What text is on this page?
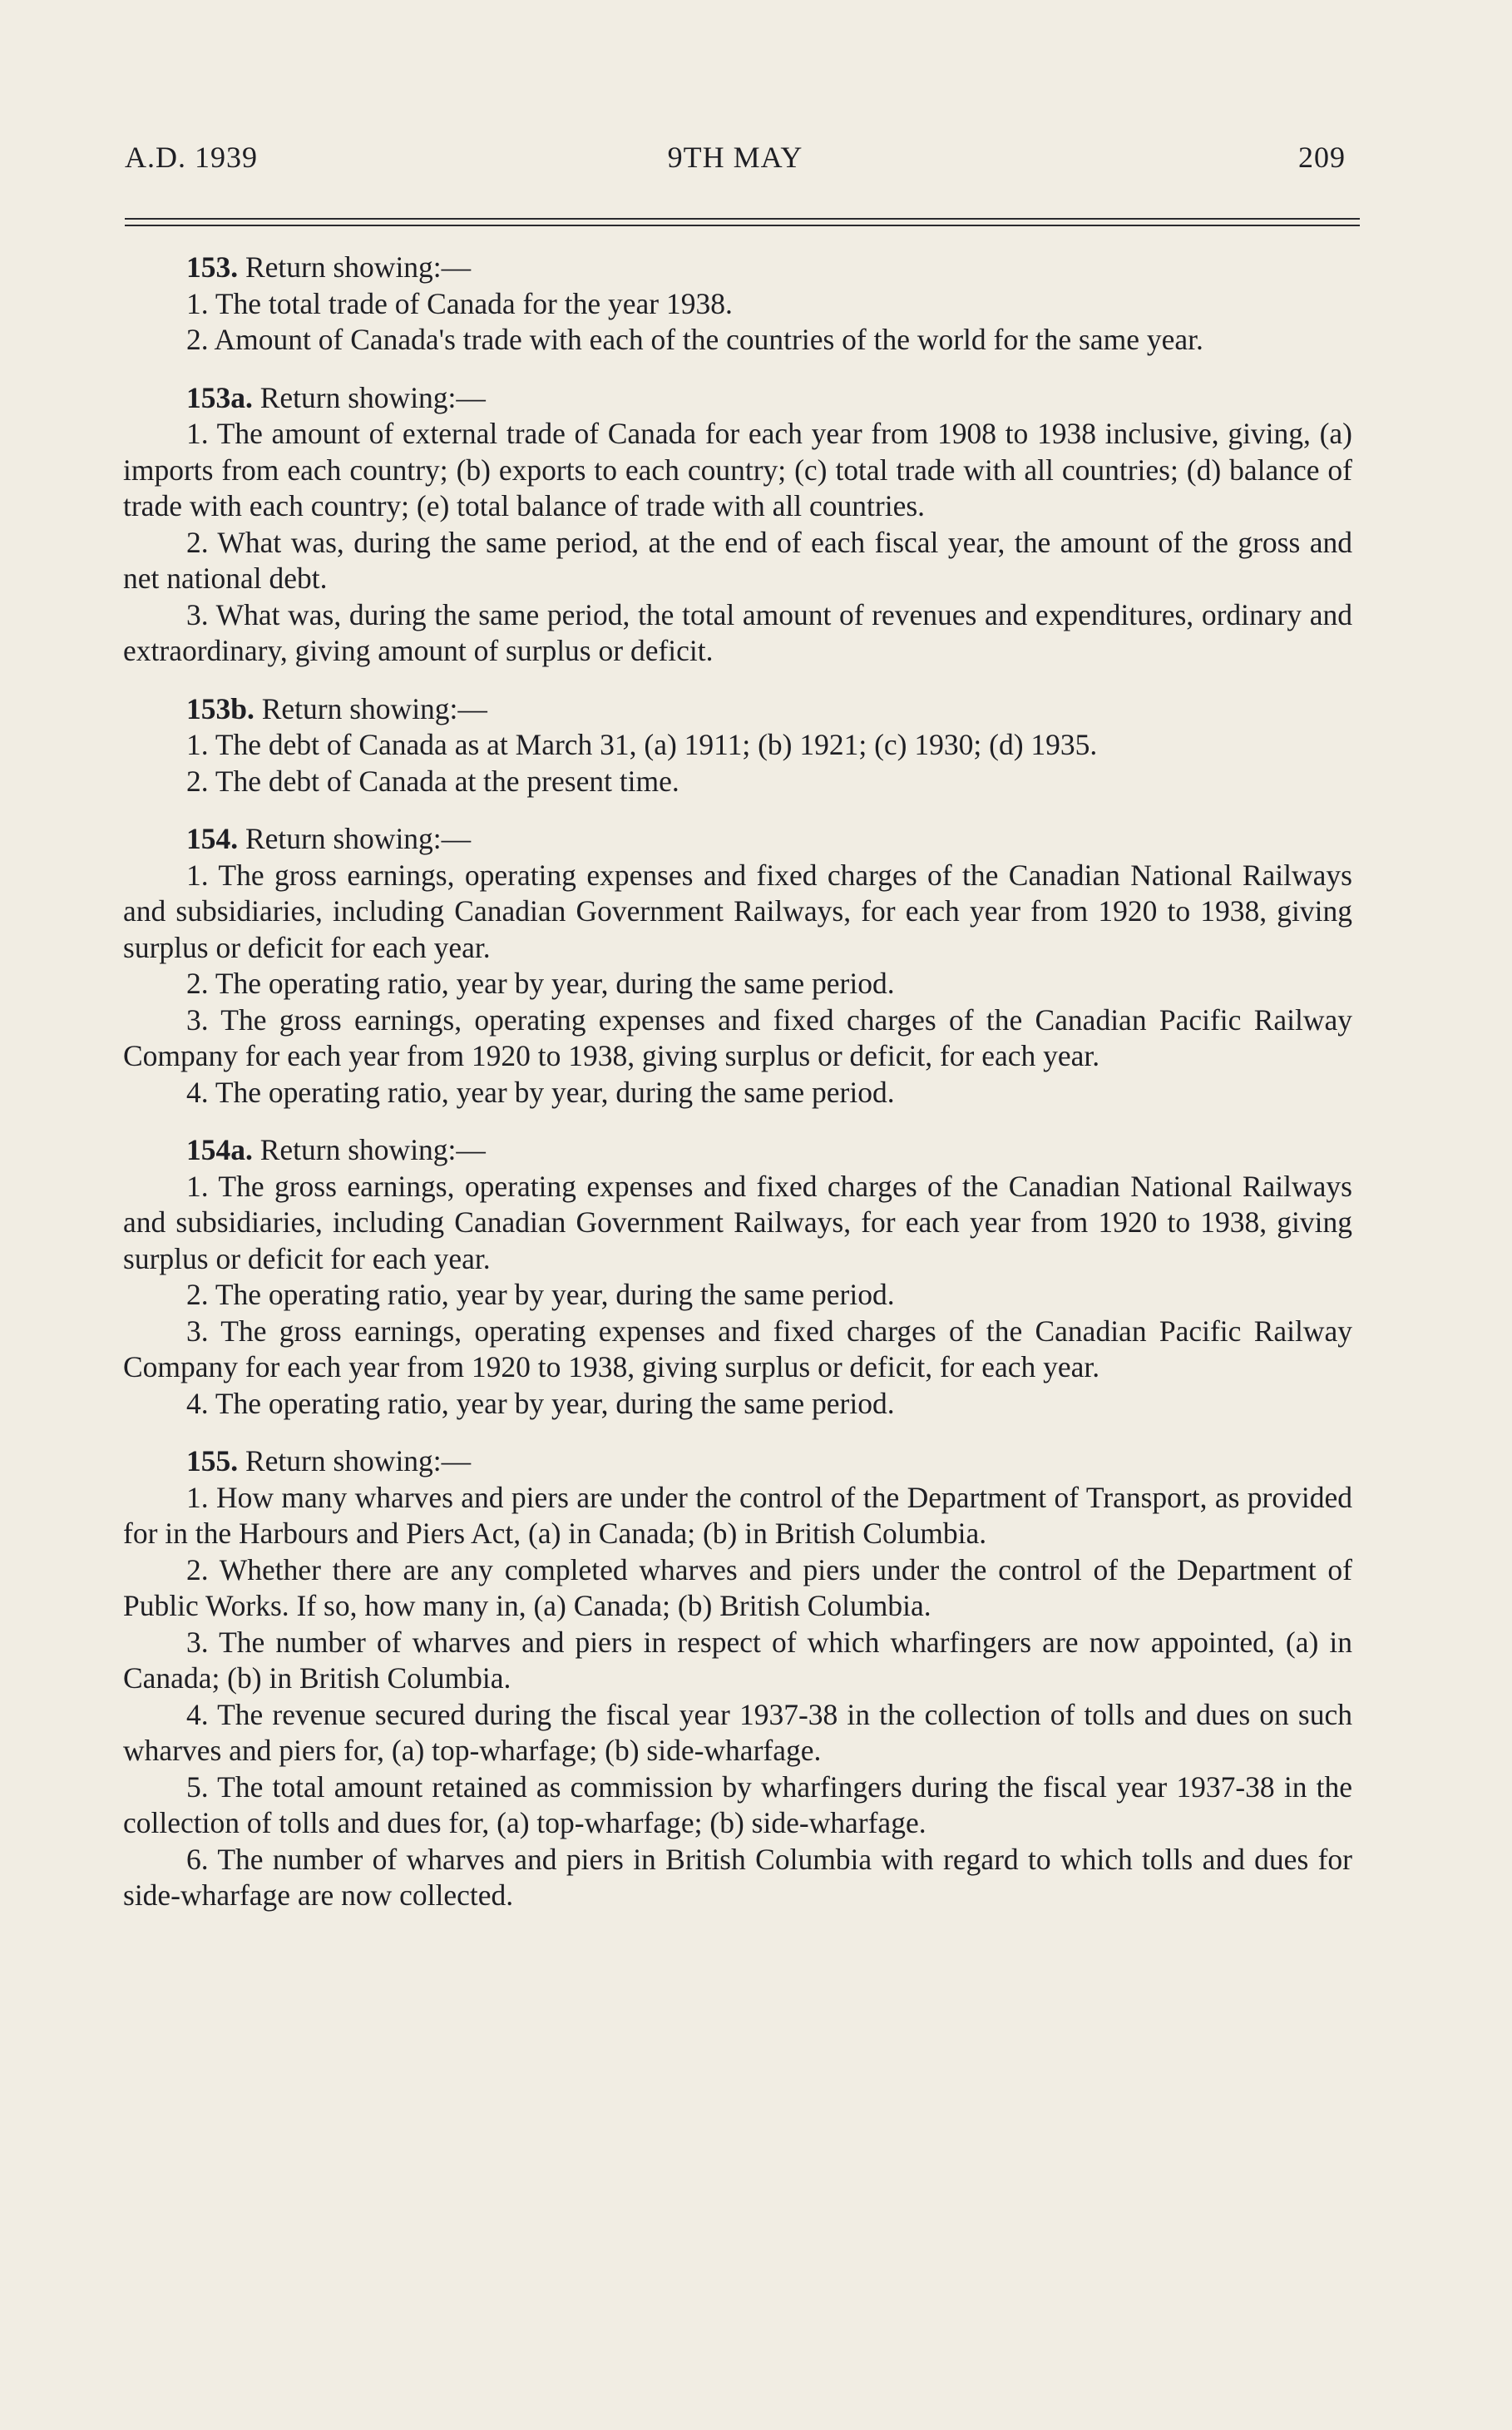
A.D. 1939	9TH MAY	209

153. Return showing:—

1. The total trade of Canada for the year 1938.

2. Amount of Canada's trade with each of the countries of the world for the same year.

153a. Return showing:—

1. The amount of external trade of Canada for each year from 1908 to 1938 inclusive, giving, (a) imports from each country; (b) exports to each country; (c) total trade with all countries; (d) balance of trade with each country; (e) total balance of trade with all countries.

2. What was, during the same period, at the end of each fiscal year, the amount of the gross and net national debt.

3. What was, during the same period, the total amount of revenues and expenditures, ordinary and extraordinary, giving amount of surplus or deficit.

153b. Return showing:—

1. The debt of Canada as at March 31, (a) 1911; (b) 1921; (c) 1930; (d) 1935.

2. The debt of Canada at the present time.

154. Return showing:—

1. The gross earnings, operating expenses and fixed charges of the Canadian National Railways and subsidiaries, including Canadian Government Railways, for each year from 1920 to 1938, giving surplus or deficit for each year.

2. The operating ratio, year by year, during the same period.

3. The gross earnings, operating expenses and fixed charges of the Canadian Pacific Railway Company for each year from 1920 to 1938, giving surplus or deficit, for each year.

4. The operating ratio, year by year, during the same period.

154a. Return showing:—

1. The gross earnings, operating expenses and fixed charges of the Canadian National Railways and subsidiaries, including Canadian Government Railways, for each year from 1920 to 1938, giving surplus or deficit for each year.

2. The operating ratio, year by year, during the same period.

3. The gross earnings, operating expenses and fixed charges of the Canadian Pacific Railway Company for each year from 1920 to 1938, giving surplus or deficit, for each year.

4. The operating ratio, year by year, during the same period.

155. Return showing:—

1. How many wharves and piers are under the control of the Department of Transport, as provided for in the Harbours and Piers Act, (a) in Canada; (b) in British Columbia.

2. Whether there are any completed wharves and piers under the control of the Department of Public Works. If so, how many in, (a) Canada; (b) British Columbia.

3. The number of wharves and piers in respect of which wharfingers are now appointed, (a) in Canada; (b) in British Columbia.

4. The revenue secured during the fiscal year 1937-38 in the collection of tolls and dues on such wharves and piers for, (a) top-wharfage; (b) side-wharfage.

5. The total amount retained as commission by wharfingers during the fiscal year 1937-38 in the collection of tolls and dues for, (a) top-wharfage; (b) side-wharfage.

6. The number of wharves and piers in British Columbia with regard to which tolls and dues for side-wharfage are now collected.
